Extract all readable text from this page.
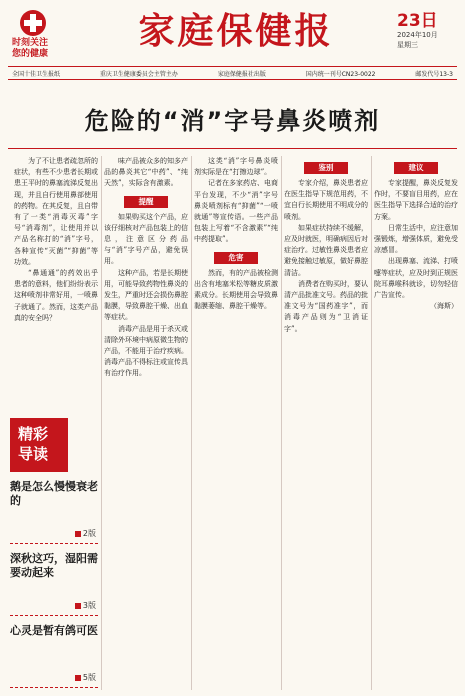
时刻关注
您的健康
家庭保健报	23日
2024年10月
星期三
全国十佳卫生报纸	重庆卫生健康委员会主管主办	家庭保健报社出版	国内统一刊号CN23-0022	邮发代号13-3
危险的“消”字号鼻炎喷剂

为了不让患者疏忽所的症状，有些不少患者长期或患王平时的鼻塞流涕反复出现，并且自行使用鼻部使用的药物。在其反复，且自带有了一类“消毒灭毒”字号“消毒剂”，让使用并以产品名称打的“消”字号，各种宣传“灭菌”“抑菌”等功效。

“鼻通通”的药效出乎患者的意料，他们纷纷表示这种喷剂非常好用，一喷鼻子就通了。然而，这类产品真的安全吗？

味产品被众多的知多产品的鼻炎其它“中药”、“纯天然”，实际含有激素。

提醒

如果购买这个产品，应该仔细核对产品包装上的信息，注意区分药品与“消”字号产品，避免误用。

这种产品，若是长期使用，可能导致药物性鼻炎的发生，严重时还会损伤鼻腔黏膜，导致鼻腔干燥、出血等症状。

消毒产品是用于杀灭或清除外环境中病原微生物的产品，不能用于治疗疾病。消毒产品不得标注或宣传具有治疗作用。

这类“消”字号鼻炎喷剂实际是在“打擦边球”。

记者在多家药店、电商平台发现，不少“消”字号鼻炎喷剂标有“抑菌”“一喷就通”等宣传语。一些产品包装上写着“不含激素”“纯中药提取”。

危害

然而，有的产品被检测出含有地塞米松等糖皮质激素成分。长期使用会导致鼻黏膜萎缩、鼻腔干燥等。

鉴别

专家介绍，鼻炎患者应在医生指导下规范用药，不宜自行长期使用不明成分的喷剂。

如果症状持续不缓解，应及时就医，明确病因后对症治疗。过敏性鼻炎患者应避免接触过敏原，做好鼻腔清洁。

消费者在购买时，要认清产品批准文号。药品的批准文号为“国药准字”，而消毒产品则为“卫消证字”。

建议

专家提醒，鼻炎反复发作时，不要盲目用药，应在医生指导下选择合适的治疗方案。

日常生活中，应注意加强锻炼，增强体质，避免受凉感冒。

出现鼻塞、流涕、打喷嚏等症状，应及时到正规医院耳鼻喉科就诊，切勿轻信广告宣传。

（海斯）
精彩
导读
鹅是怎么慢慢衰老的
2版
深秋这巧，湿阳需要动起来
3版
心灵是暂有鸽可医
5版
